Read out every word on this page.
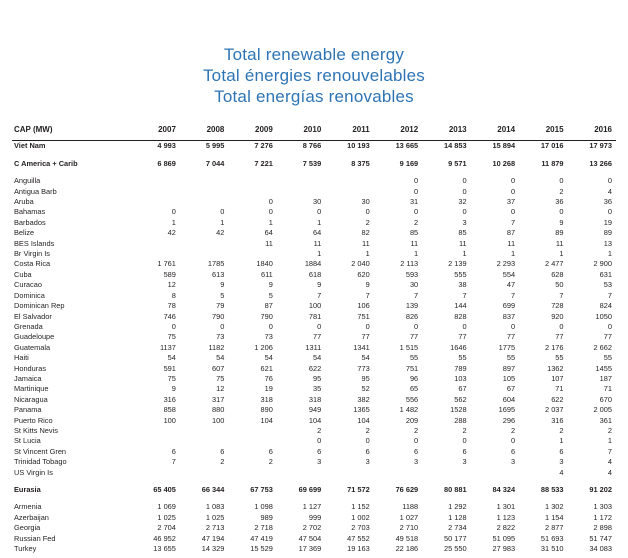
Total renewable energy
Total énergies renouvelables
Total energías renovables
CAP (MW)	2007	2008	2009	2010	2011	2012	2013	2014	2015	2016
Viet Nam	4 993	5 995	7 276	8 766	10 193	13 665	14 853	15 894	17 016	17 973

C America + Carib	6 869	7 044	7 221	7 539	8 375	9 169	9 571	10 268	11 879	13 266

Anguilla						0	0	0	0	0
Antigua Barb						0	0	0	2	4
Aruba			0	30	30	31	32	37	36	36
Bahamas	0	0	0	0	0	0	0	0	0	0
Barbados	1	1	1	1	2	2	3	7	9	19
Belize	42	42	64	64	82	85	85	87	89	89
BES Islands			11	11	11	11	11	11	11	13
Br Virgin Is				1	1	1	1	1	1	1
Costa Rica	1 761	1785	1840	1884	2 040	2 113	2 139	2 293	2 477	2 900
Cuba	589	613	611	618	620	593	555	554	628	631
Curacao	12	9	9	9	9	30	38	47	50	53
Dominica	8	5	5	7	7	7	7	7	7	7
Dominican Rep	78	79	87	100	106	139	144	699	728	824
El Salvador	746	790	790	781	751	826	828	837	920	1050
Grenada	0	0	0	0	0	0	0	0	0	0
Guadeloupe	75	73	73	77	77	77	77	77	77	77
Guatemala	1137	1182	1 206	1311	1341	1 515	1646	1775	2 176	2 662
Haiti	54	54	54	54	54	55	55	55	55	55
Honduras	591	607	621	622	773	751	789	897	1362	1455
Jamaica	75	75	76	95	95	96	103	105	107	187
Martinique	9	12	19	35	52	65	67	67	71	71
Nicaragua	316	317	318	318	382	556	562	604	622	670
Panama	858	880	890	949	1365	1 482	1528	1695	2 037	2 005
Puerto Rico	100	100	104	104	104	209	288	296	316	361
St Kitts Nevis				2	2	2	2	2	2	2
St Lucia				0	0	0	0	0	1	1
St Vincent Gren	6	6	6	6	6	6	6	6	6	7
Trinidad Tobago	7	2	2	3	3	3	3	3	3	4
US Virgin Is									4	4

Eurasia	65 405	66 344	67 753	69 699	71 572	76 629	80 881	84 324	88 533	91 202

Armenia	1 069	1 083	1 098	1 127	1 152	1188	1 292	1 301	1 302	1 303
Azerbaijan	1 025	1 025	989	999	1 002	1 027	1 128	1 123	1 154	1 172
Georgia	2 704	2 713	2 718	2 702	2 703	2 710	2 734	2 822	2 877	2 898
Russian Fed	46 952	47 194	47 419	47 504	47 552	49 518	50 177	51 095	51 693	51 747
Turkey	13 655	14 329	15 529	17 369	19 163	22 186	25 550	27 983	31 510	34 083
